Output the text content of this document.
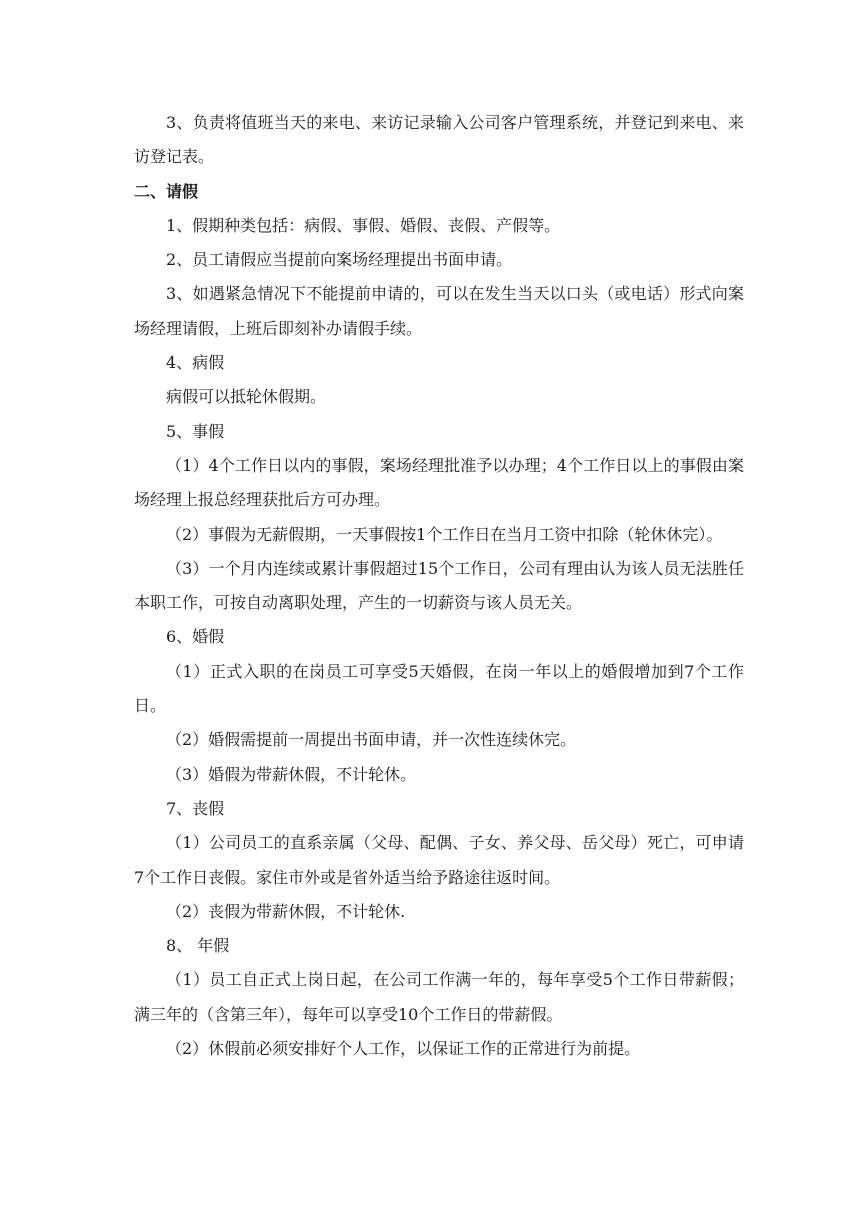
3、负责将值班当天的来电、来访记录输入公司客户管理系统，并登记到来电、来访登记表。

二、请假

1、假期种类包括：病假、事假、婚假、丧假、产假等。

2、员工请假应当提前向案场经理提出书面申请。

3、如遇紧急情况下不能提前申请的，可以在发生当天以口头（或电话）形式向案场经理请假，上班后即刻补办请假手续。

4、病假

病假可以抵轮休假期。

5、事假

（1）4个工作日以内的事假，案场经理批准予以办理；4个工作日以上的事假由案场经理上报总经理获批后方可办理。

（2）事假为无薪假期，一天事假按1个工作日在当月工资中扣除（轮休休完）。

（3）一个月内连续或累计事假超过15个工作日，公司有理由认为该人员无法胜任本职工作，可按自动离职处理，产生的一切薪资与该人员无关。

6、婚假

（1）正式入职的在岗员工可享受5天婚假，在岗一年以上的婚假增加到7个工作日。

（2）婚假需提前一周提出书面申请，并一次性连续休完。

（3）婚假为带薪休假，不计轮休。

7、丧假

（1）公司员工的直系亲属（父母、配偶、子女、养父母、岳父母）死亡，可申请7个工作日丧假。家住市外或是省外适当给予路途往返时间。

（2）丧假为带薪休假，不计轮休.

8、 年假

（1）员工自正式上岗日起，在公司工作满一年的，每年享受5个工作日带薪假；满三年的（含第三年），每年可以享受10个工作日的带薪假。

（2）休假前必须安排好个人工作，以保证工作的正常进行为前提。
